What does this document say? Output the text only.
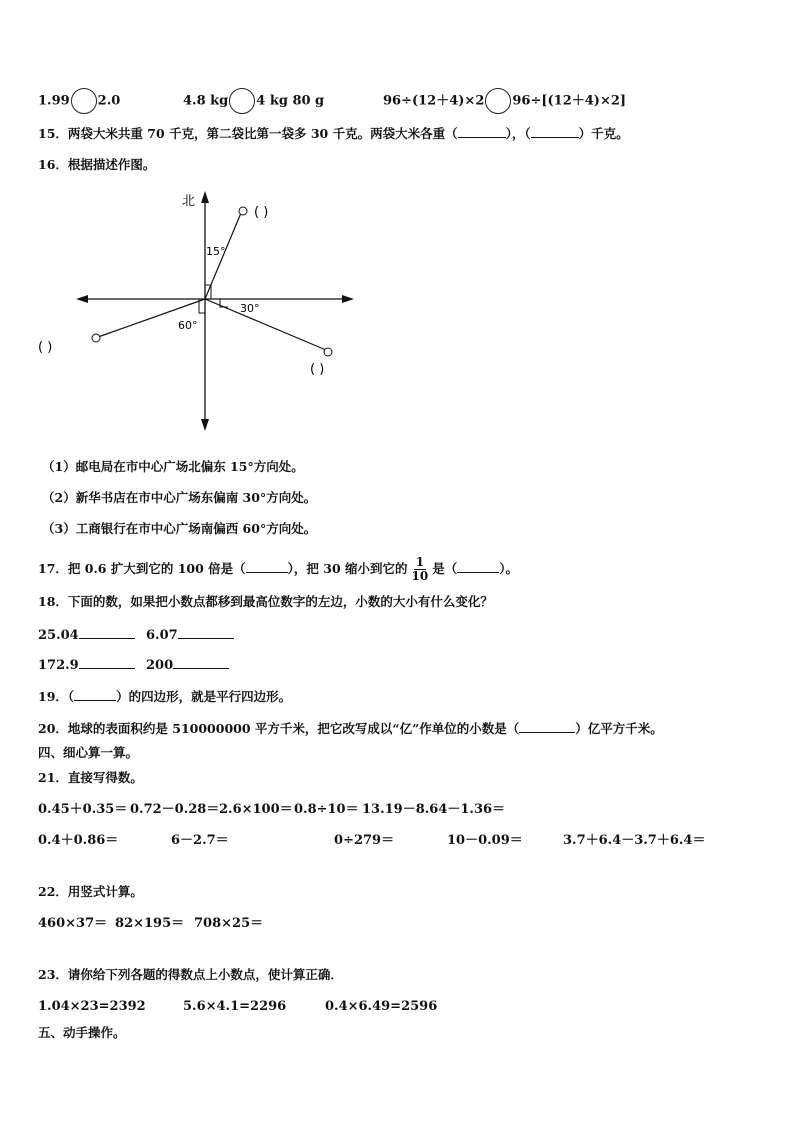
1.99 2.0	4.8 kg 4 kg 80 g	96÷(12＋4)×2 96÷[(12＋4)×2]
15．两袋大米共重 70 千克，第二袋比第一袋多 30 千克。两袋大米各重（	），（	）千克。
16．根据描述作图。
北
( )
15°
( )
30°
( )
60°
（1）邮电局在市中心广场北偏东 15°方向处。
（2）新华书店在市中心广场东偏南 30°方向处。
（3）工商银行在市中心广场南偏西 60°方向处。
17．把 0.6 扩大到它的 100 倍是（	），把 30 缩小到它的 $\frac{1}{10}$ 是（	）。
18．下面的数，如果把小数点都移到最高位数字的左边，小数的大小有什么变化？
25.04	6.07
172.9	200
19．（	）的四边形，就是平行四边形。
20．地球的表面积约是 510000000 平方千米，把它改写成以“亿”作单位的小数是（	）亿平方千米。
四、细心算一算。
21．直接写得数。
0.45＋0.35＝ 0.72－0.28＝ 2.6×100＝ 0.8÷10＝ 13.19－8.64－1.36＝
0.4＋0.86＝	6－2.7＝	0÷279＝	10－0.09＝	3.7＋6.4－3.7＋6.4＝
22．用竖式计算。
460×37＝ 82×195＝ 708×25＝
23．请你给下列各题的得数点上小数点，使计算正确．
1.04×23=2392	5.6×4.1=2296	0.4×6.49=2596
五、动手操作。
